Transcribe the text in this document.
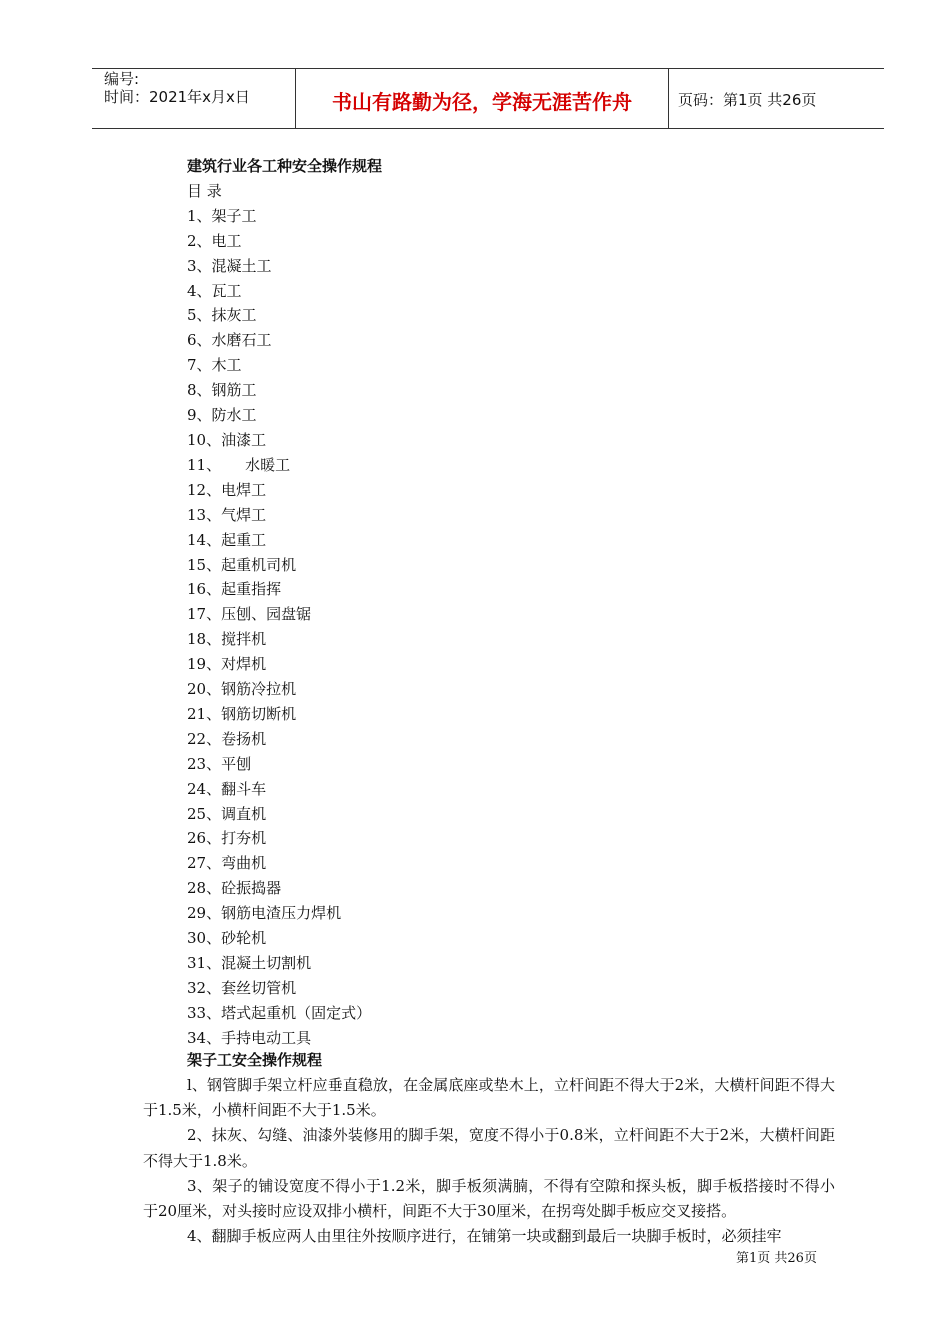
编号:
时间：2021年x月x日	书山有路勤为径，学海无涯苦作舟	页码：第1页 共26页
建筑行业各工种安全操作规程
目 录
1、架子工
2、电工
3、混凝土工
4、瓦工
5、抹灰工
6、水磨石工
7、木工
8、钢筋工
9、防水工
10、油漆工
11、 水暖工
12、电焊工
13、气焊工
14、起重工
15、起重机司机
16、起重指挥
17、压刨、园盘锯
18、搅拌机
19、对焊机
20、钢筋冷拉机
21、钢筋切断机
22、卷扬机
23、平刨
24、翻斗车
25、调直机
26、打夯机
27、弯曲机
28、砼振捣器
29、钢筋电渣压力焊机
30、砂轮机
31、混凝土切割机
32、套丝切管机
33、塔式起重机（固定式）
34、手持电动工具
架子工安全操作规程

l、钢管脚手架立杆应垂直稳放，在金属底座或垫木上，立杆间距不得大于2米，大横杆间距不得大于1.5米，小横杆间距不大于1.5米。

2、抹灰、勾缝、油漆外装修用的脚手架，宽度不得小于0.8米，立杆间距不大于2米，大横杆间距不得大于1.8米。

3、架子的铺设宽度不得小于1.2米，脚手板须满腩，不得有空隙和探头板，脚手板搭接时不得小于20厘米，对头接时应设双排小横杆，间距不大于30厘米，在拐弯处脚手板应交叉接搭。

4、翻脚手板应两人由里往外按顺序进行，在铺第一块或翻到最后一块脚手板时，必须挂牢

第1页 共26页
